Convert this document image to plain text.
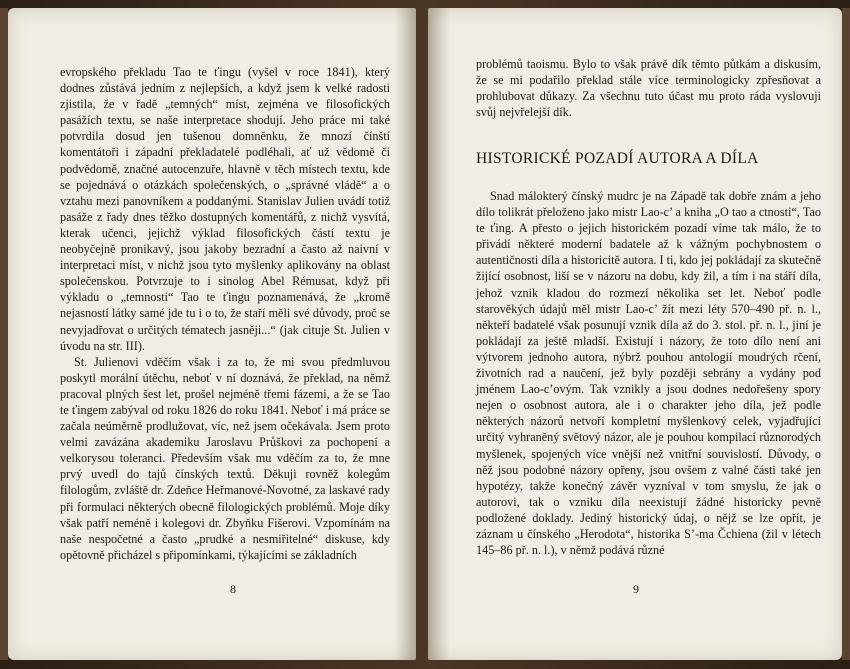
evropského překladu Tao te ťingu (vyšel v roce 1841), který dodnes zůstává jedním z nejlepších, a když jsem k velké radosti zjistila, že v řadě „temných“ míst, zejména ve filosofických pasážích textu, se naše interpretace shodují. Jeho práce mi také potvrdila dosud jen tušenou domněnku, že mnozí čínští komentátoři i západní překladatelé podléhali, ať už vědomě či podvědomě, značné autocenzuře, hlavně v těch místech textu, kde se pojednává o otázkách společenských, o „správné vládě“ a o vztahu mezi panovníkem a poddanými. Stanislav Julien uvádí totiž pasáže z řady dnes těžko dostupných komentářů, z nichž vysvítá, kterak učenci, jejichž výklad filosofických částí textu je neobyčejně pronikavý, jsou jakoby bezradní a často až naivní v interpretaci míst, v nichž jsou tyto myšlenky aplikovány na oblast společenskou. Potvrzuje to i sinolog Abel Rémusat, když při výkladu o „temnosti“ Tao te ťingu poznamenává, že „kromě nejasností látky samé jde tu i o to, že staří měli své důvody, proč se nevyjadřovat o určitých tématech jasněji...“ (jak cituje St. Julien v úvodu na str. III).

St. Julienovi vděčím však i za to, že mi svou předmluvou poskytl morální útěchu, neboť v ní doznává, že překlad, na němž pracoval plných šest let, prošel nejméně třemi fázemi, a že se Tao te ťingem zabýval od roku 1826 do roku 1841. Neboť i má práce se začala neúměrně prodlužovat, víc, než jsem očekávala. Jsem proto velmi zavázána akademiku Jaroslavu Průškovi za pochopení a velkorysou toleranci. Především však mu vděčím za to, že mne prvý uvedl do tajů čínských textů. Děkuji rovněž kolegům filologům, zvláště dr. Zdeňce Heřmanové-Novotné, za laskavé rady při formulaci některých obecně filologických problémů. Moje díky však patří neméně i kolegovi dr. Zbyňku Fišerovi. Vzpomínám na naše nespočetné a často „prudké a nesmiřitelné“ diskuse, kdy opětovně přicházel s připomínkami, týkajícími se základních

8

problémů taoismu. Bylo to však právě dík těmto půtkám a diskusím, že se mi podařilo překlad stále více terminologicky zpřesňovat a prohlubovat důkazy. Za všechnu tuto účast mu proto ráda vyslovuji svůj nejvřelejší dík.

HISTORICKÉ POZADÍ AUTORA A DÍLA

Snad málokterý čínský mudrc je na Západě tak dobře znám a jeho dílo tolikrát přeloženo jako mistr Lao-c’ a kniha „O tao a ctnosti“, Tao te ťing. A přesto o jejich historickém pozadí víme tak málo, že to přivádí některé moderní badatele až k vážným pochybnostem o autentičnosti díla a historicitě autora. I ti, kdo jej pokládají za skutečně žijící osobnost, liší se v názoru na dobu, kdy žil, a tím i na stáří díla, jehož vznik kladou do rozmezí několika set let. Neboť podle starověkých údajů měl mistr Lao-c’ žít mezi léty 570–490 př. n. l., někteří badatelé však posunují vznik díla až do 3. stol. př. n. l., jiní je pokládají za ještě mladší. Existují i názory, že toto dílo není ani výtvorem jednoho autora, nýbrž pouhou antologií moudrých rčení, životních rad a naučení, jež byly později sebrány a vydány pod jménem Lao-c’ovým. Tak vznikly a jsou dodnes nedořešeny spory nejen o osobnost autora, ale i o charakter jeho díla, jež podle některých názorů netvoří kompletní myšlenkový celek, vyjadřující určitý vyhraněný světový názor, ale je pouhou kompilací různorodých myšlenek, spojených více vnější než vnitřní souvislostí. Důvody, o něž jsou podobné názory opřeny, jsou ovšem z valné části také jen hypotézy, takže konečný závěr vyzníval v tom smyslu, že jak o autorovi, tak o vzniku díla neexistují žádné historicky pevně podložené doklady. Jediný historický údaj, o nějž se lze opřít, je záznam u čínského „Herodota“, historika S’-ma Čchiena (žil v létech 145–86 př. n. l.), v němž podává různé

9
